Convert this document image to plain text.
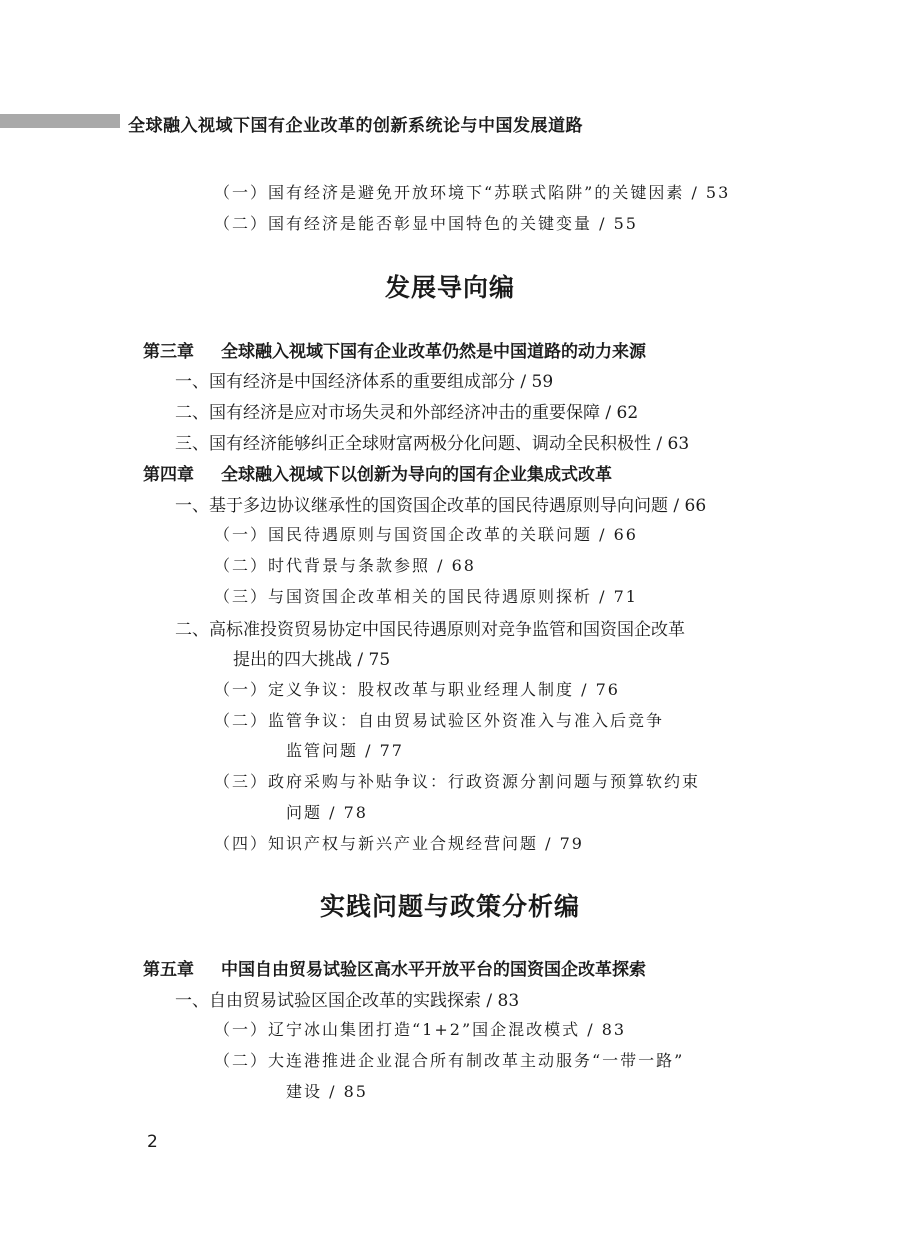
全球融入视域下国有企业改革的创新系统论与中国发展道路
（一）国有经济是避免开放环境下“苏联式陷阱”的关键因素 / 53
（二）国有经济是能否彰显中国特色的关键变量 / 55
发展导向编
第三章 全球融入视域下国有企业改革仍然是中国道路的动力来源
一、国有经济是中国经济体系的重要组成部分 / 59
二、国有经济是应对市场失灵和外部经济冲击的重要保障 / 62
三、国有经济能够纠正全球财富两极分化问题、调动全民积极性 / 63
第四章 全球融入视域下以创新为导向的国有企业集成式改革
一、基于多边协议继承性的国资国企改革的国民待遇原则导向问题 / 66
（一）国民待遇原则与国资国企改革的关联问题 / 66
（二）时代背景与条款参照 / 68
（三）与国资国企改革相关的国民待遇原则探析 / 71
二、高标准投资贸易协定中国民待遇原则对竞争监管和国资国企改革
提出的四大挑战 / 75
（一）定义争议：股权改革与职业经理人制度 / 76
（二）监管争议：自由贸易试验区外资准入与准入后竞争
监管问题 / 77
（三）政府采购与补贴争议：行政资源分割问题与预算软约束
问题 / 78
（四）知识产权与新兴产业合规经营问题 / 79
实践问题与政策分析编
第五章 中国自由贸易试验区高水平开放平台的国资国企改革探索
一、自由贸易试验区国企改革的实践探索 / 83
（一）辽宁冰山集团打造“1+2”国企混改模式 / 83
（二）大连港推进企业混合所有制改革主动服务“一带一路”
建设 / 85
2
